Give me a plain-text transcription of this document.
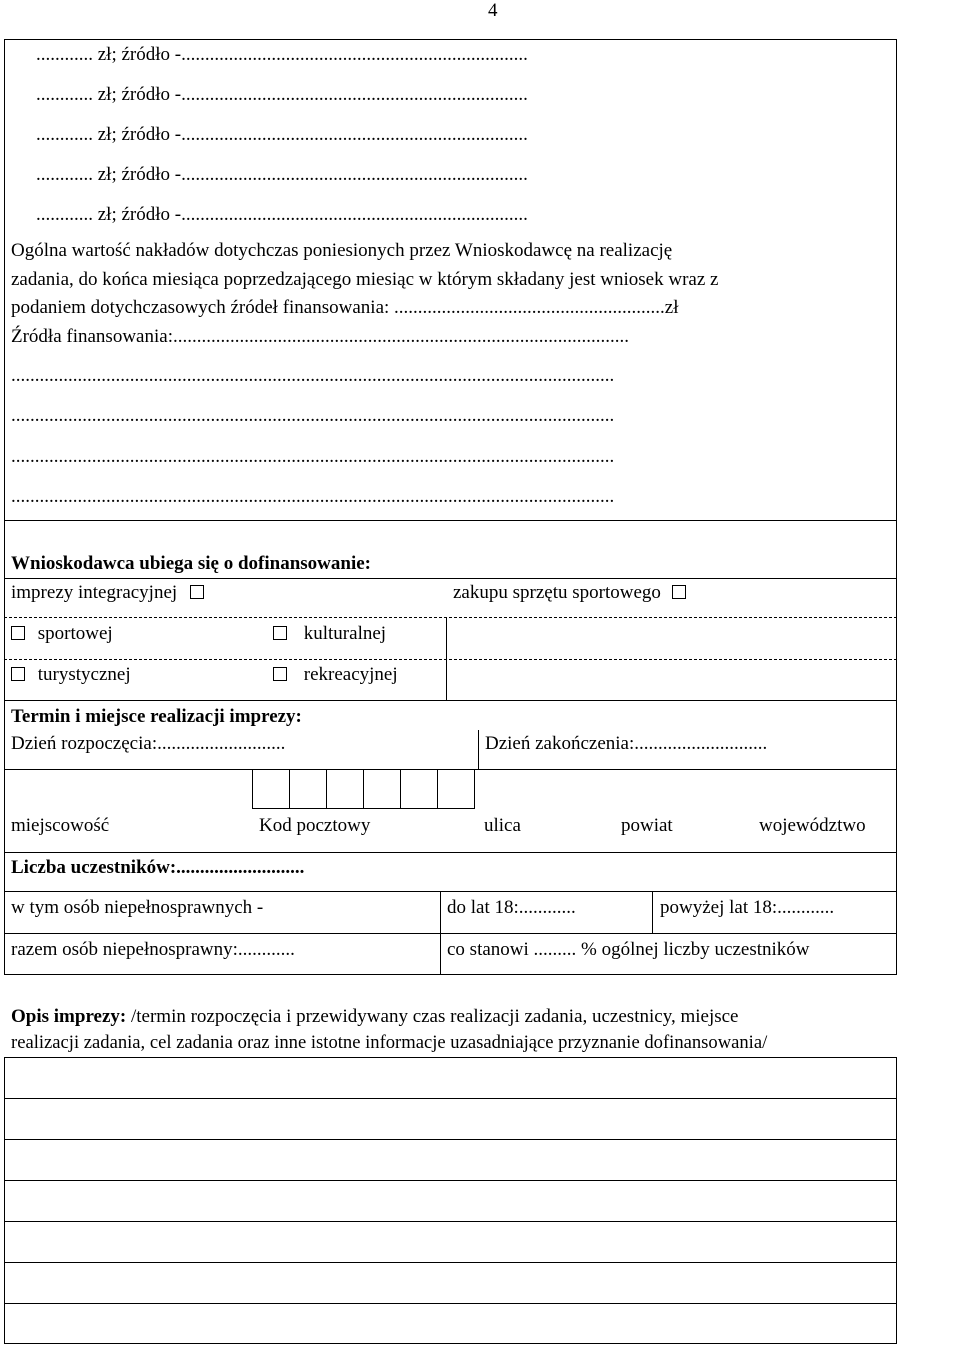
4
............ zł; źródło -.........................................................................
............ zł; źródło -.........................................................................
............ zł; źródło -.........................................................................
............ zł; źródło -.........................................................................
............ zł; źródło -.........................................................................
Ogólna wartość nakładów dotychczas poniesionych przez Wnioskodawcę na realizację
zadania, do końca miesiąca poprzedzającego miesiąc w którym składany jest wniosek wraz z
podaniem dotychczasowych źródeł finansowania: .........................................................zł
Źródła finansowania:................................................................................................
...............................................................................................................................
...............................................................................................................................
...............................................................................................................................
...............................................................................................................................
Wnioskodawca ubiega się o dofinansowanie:
imprezy integracyjnej	zakupu sprzętu sportowego
sportowej	kulturalnej
turystycznej	rekreacyjnej
Termin i miejsce realizacji imprezy:
Dzień rozpoczęcia:...........................	Dzień zakończenia:............................
miejscowość	Kod pocztowy	ulica	powiat	województwo
Liczba uczestników:...........................
w tym osób niepełnosprawnych -	do lat 18:............	powyżej lat 18:............
razem osób niepełnosprawny:............	co stanowi ......... % ogólnej liczby uczestników
Opis imprezy: /termin rozpoczęcia i przewidywany czas realizacji zadania, uczestnicy, miejsce
realizacji zadania, cel zadania oraz inne istotne informacje uzasadniające przyznanie dofinansowania/
